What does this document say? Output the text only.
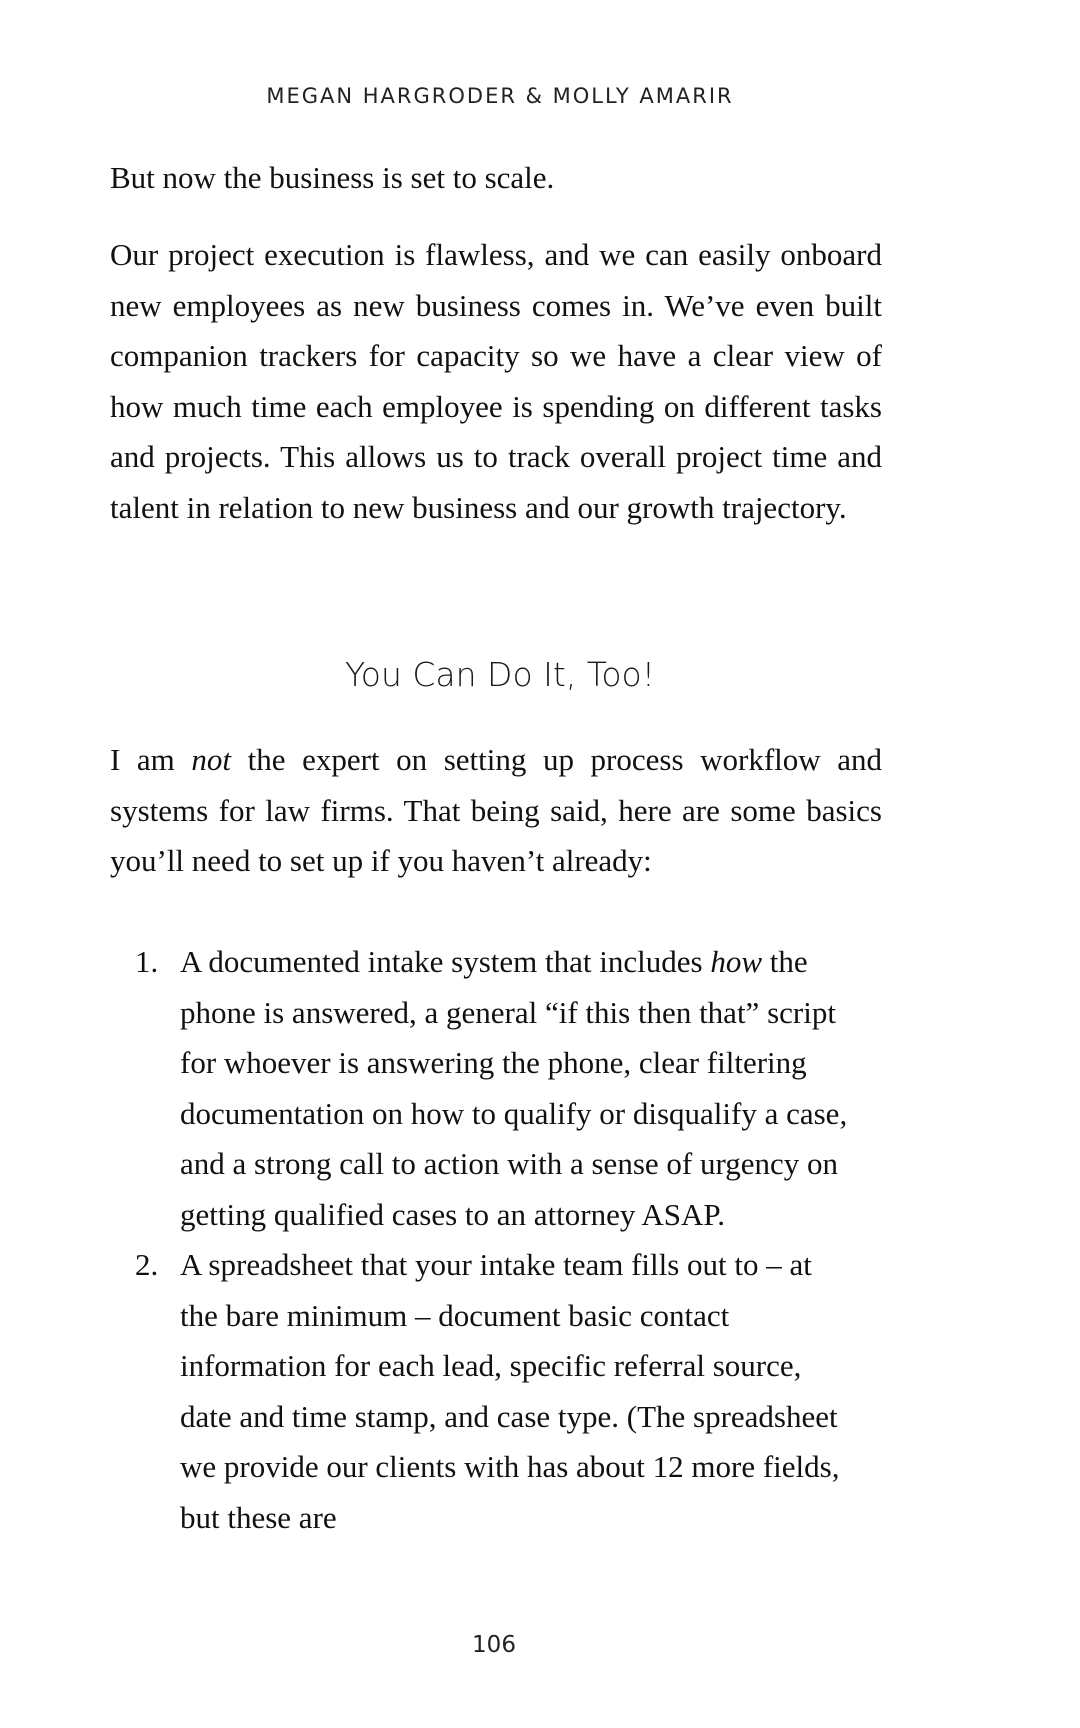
MEGAN HARGRODER & MOLLY AMARIR

But now the business is set to scale.

Our project execution is flawless, and we can easily onboard new employees as new business comes in. We’ve even built companion trackers for capacity so we have a clear view of how much time each employee is spending on different tasks and projects. This allows us to track overall project time and talent in relation to new business and our growth trajectory.

You Can Do It, Too!

I am not the expert on setting up process workflow and systems for law firms. That being said, here are some basics you’ll need to set up if you haven’t already:

1. A documented intake system that includes how the phone is answered, a general “if this then that” script for whoever is answering the phone, clear filtering documentation on how to qualify or disqualify a case, and a strong call to action with a sense of urgency on getting qualified cases to an attorney ASAP.
2. A spreadsheet that your intake team fills out to – at the bare minimum – document basic contact information for each lead, specific referral source, date and time stamp, and case type. (The spreadsheet we provide our clients with has about 12 more fields, but these are
106
